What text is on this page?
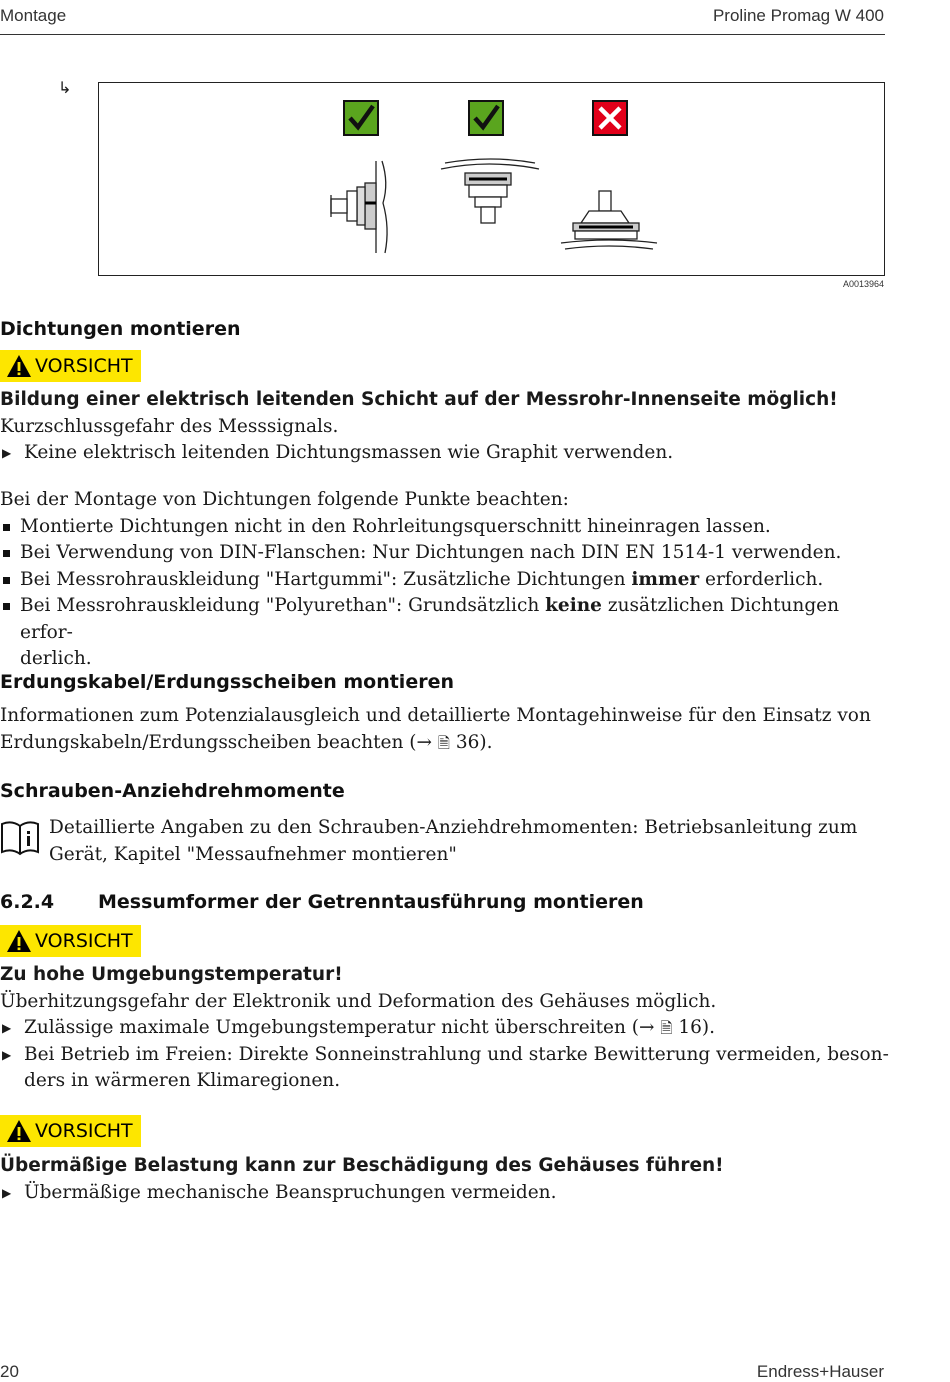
Montage	Proline Promag W 400
↳
A0013964
Dichtungen montieren
VORSICHT
Bildung einer elektrisch leitenden Schicht auf der Messrohr-Innenseite möglich!
Kurzschlussgefahr des Messsignals.
▶ Keine elektrisch leitenden Dichtungsmassen wie Graphit verwenden.
Bei der Montage von Dichtungen folgende Punkte beachten:
Montierte Dichtungen nicht in den Rohrleitungsquerschnitt hineinragen lassen.
Bei Verwendung von DIN-Flanschen: Nur Dichtungen nach DIN EN 1514-1 verwenden.
Bei Messrohrauskleidung "Hartgummi": Zusätzliche Dichtungen immer erforderlich.
Bei Messrohrauskleidung "Polyurethan": Grundsätzlich keine zusätzlichen Dichtungen erfor-
derlich.
Erdungskabel/Erdungsscheiben montieren
Informationen zum Potenzialausgleich und detaillierte Montagehinweise für den Einsatz von
Erdungskabeln/Erdungsscheiben beachten (→ 🗎 36).
Schrauben-Anziehdrehmomente
Detaillierte Angaben zu den Schrauben-Anziehdrehmomenten: Betriebsanleitung zum
Gerät, Kapitel "Messaufnehmer montieren"
6.2.4 Messumformer der Getrenntausführung montieren
VORSICHT
Zu hohe Umgebungstemperatur!
Überhitzungsgefahr der Elektronik und Deformation des Gehäuses möglich.
▶ Zulässige maximale Umgebungstemperatur nicht überschreiten (→ 🗎 16).
▶ Bei Betrieb im Freien: Direkte Sonneinstrahlung und starke Bewitterung vermeiden, beson-
ders in wärmeren Klimaregionen.
VORSICHT
Übermäßige Belastung kann zur Beschädigung des Gehäuses führen!
▶ Übermäßige mechanische Beanspruchungen vermeiden.
20	Endress+Hauser
